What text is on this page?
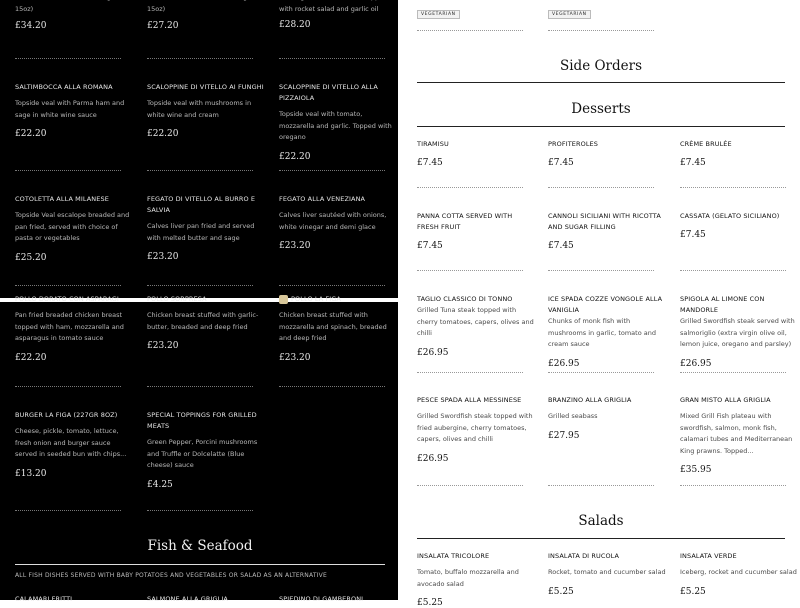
15oz)
£34.20
15oz)
£27.20
with rocket salad and garlic oil
£28.20
SALTIMBOCCA ALLA ROMANA
Topside veal with Parma ham and sage in white wine sauce
£22.20
SCALOPPINE DI VITELLO AI FUNGHI
Topside veal with mushrooms in white wine and cream
£22.20
SCALOPPINE DI VITELLO ALLA PIZZAIOLA
Topside veal with tomato, mozzarella and garlic. Topped with oregano
£22.20
COTOLETTA ALLA MILANESE
Topside Veal escalope breaded and pan fried, served with choice of pasta or vegetables
£25.20
FEGATO DI VITELLO AL BURRO E SALVIA
Calves liver pan fried and served with melted butter and sage
£23.20
FEGATO ALLA VENEZIANA
Calves liver sautéed with onions, white vinegar and demi glace
£23.20
VEGETARIAN	VEGETARIAN
Side Orders
Desserts
TIRAMISU
£7.45
PROFITEROLES
£7.45
CRÈME BRULÉE
£7.45
PANNA COTTA SERVED WITH FRESH FRUIT
£7.45
CANNOLI SICILIANI WITH RICOTTA AND SUGAR FILLING
£7.45
CASSATA (GELATO SICILIANO)
£7.45
POLLO DORATO CON ASPARAGI
Pan fried breaded chicken breast topped with ham, mozzarella and asparagus in tomato sauce
£22.20
POLLO SORPRESA
Chicken breast stuffed with garlic-butter, breaded and deep fried
£23.20
POLLO LA FIGA
Chicken breast stuffed with mozzarella and spinach, breaded and deep fried
£23.20
BURGER LA FIGA (227GR 8OZ)
Cheese, pickle, tomato, lettuce, fresh onion and burger sauce served in seeded bun with chips...
£13.20
SPECIAL TOPPINGS FOR GRILLED MEATS
Green Pepper, Porcini mushrooms and Truffle or Dolcelatte (Blue cheese) sauce
£4.25
Fish & Seafood
ALL FISH DISHES SERVED WITH BABY POTATOES AND VEGETABLES OR SALAD AS AN ALTERNATIVE
CALAMARI FRITTI	SALMONE ALLA GRIGLIA	SPIEDINO DI GAMBERONI
TAGLIO CLASSICO DI TONNO
Grilled Tuna steak topped with cherry tomatoes, capers, olives and chilli
£26.95
ICE SPADA COZZE VONGOLE ALLA VANIGLIA
Chunks of monk fish with mushrooms in garlic, tomato and cream sauce
£26.95
SPIGOLA AL LIMONE CON MANDORLE
Grilled Swordfish steak served with salmoriglio (extra virgin olive oil, lemon juice, oregano and parsley)
£26.95
PESCE SPADA ALLA MESSINESE
Grilled Swordfish steak topped with fried aubergine, cherry tomatoes, capers, olives and chilli
£26.95
BRANZINO ALLA GRIGLIA
Grilled seabass
£27.95
GRAN MISTO ALLA GRIGLIA
Mixed Grill Fish plateau with swordfish, salmon, monk fish, calamari tubes and Mediterranean King prawns. Topped...
£35.95
Salads
INSALATA TRICOLORE
Tomato, buffalo mozzarella and avocado salad
£5.25
INSALATA DI RUCOLA
Rocket, tomato and cucumber salad
£5.25
INSALATA VERDE
Iceberg, rocket and cucumber salad
£5.25
